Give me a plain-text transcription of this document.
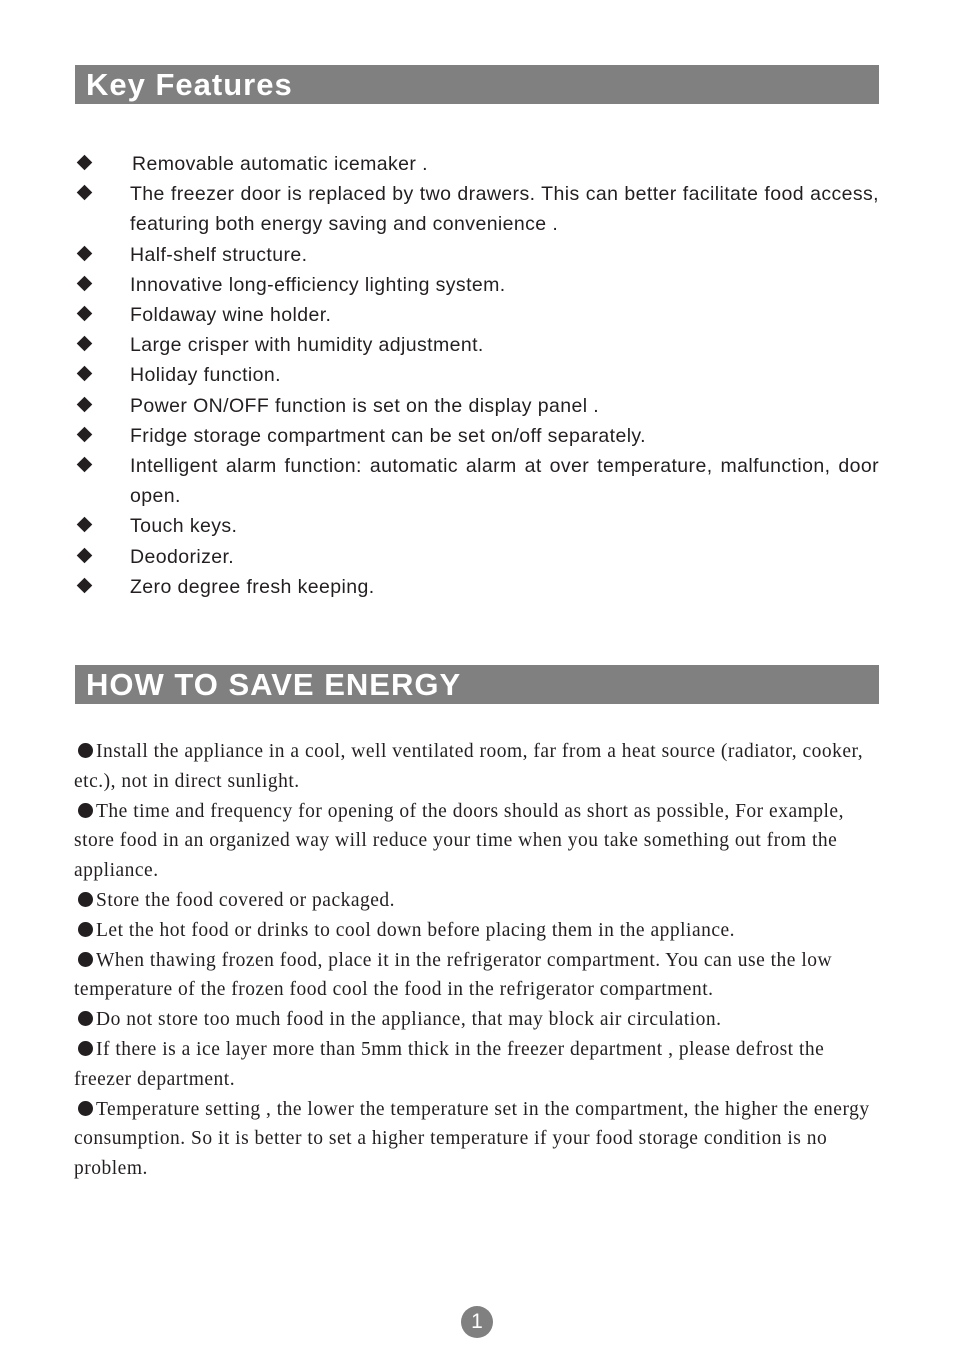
Key Features
Removable automatic icemaker .
The freezer door is replaced by two drawers. This can better facilitate food access, featuring both energy saving and convenience .
Half-shelf structure.
Innovative long-efficiency lighting system.
Foldaway wine holder.
Large crisper with humidity adjustment.
Holiday function.
Power ON/OFF function is set on the display panel .
Fridge storage compartment can be set on/off separately.
Intelligent alarm function: automatic alarm at over temperature, malfunction, door open.
Touch keys.
Deodorizer.
Zero degree fresh keeping.
HOW TO SAVE ENERGY
Install the appliance in a cool, well ventilated room, far from a heat source (radiator, cooker, etc.), not in direct sunlight.
The time and frequency for opening of the doors should as short as possible, For example, store food in an organized way will reduce your time when you take something out from the appliance.
Store the food covered or packaged.
Let the hot food or drinks to cool down before placing them in the appliance.
When thawing frozen food, place it in the refrigerator compartment. You can use the low temperature of the frozen food cool the food in the refrigerator compartment.
Do not store too much food in the appliance, that may block air circulation.
If there is a ice layer more than 5mm thick in the freezer department , please defrost the freezer department.
Temperature setting , the lower the temperature set in the compartment, the higher the energy consumption. So it is better to set a higher temperature if your food storage condition is no problem.
1
